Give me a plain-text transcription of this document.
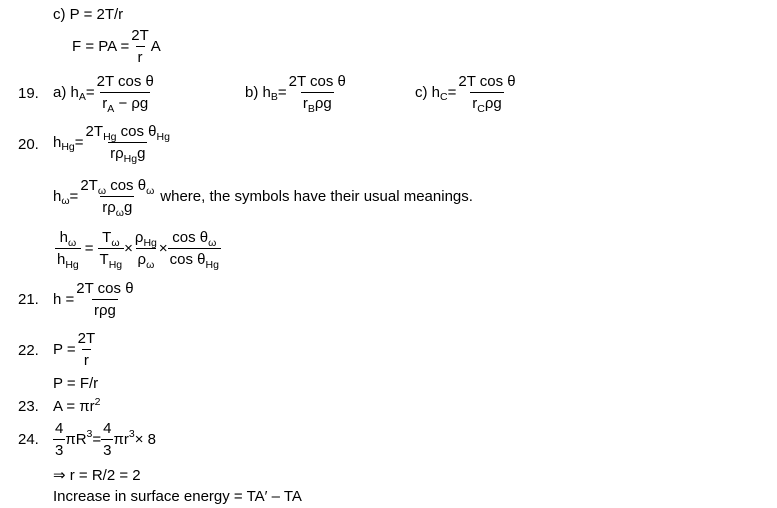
c) P = 2T/r
F = PA = $\frac{2T}{r}$ A
19. a) h $A = \frac{\text{2T cos θ}}{r_A - \rho g}$	b) h $B = \frac{\text{2T cos θ}}{r_B\rho g}$	c) h $C = \frac{\text{2T cos θ}}{r_C\rho g}$
20. h $Hg = \frac{2T_{Hg} \cos \theta_{Hg}}{r\rho_{Hg}g}$
h $\omega = \frac{2T_\omega \cos \theta_\omega}{r\rho_\omega g}$ where, the symbols have their usual meanings.
$\frac{h_\omega}{h_{Hg}} = \frac{T_\omega}{T_{Hg}} \times \frac{\rho_{Hg}}{\rho_\omega} \times \frac{\cos \theta_\omega}{\cos \theta_{Hg}}$
21. $h = \frac{\text{2T cos θ}}{\text{rρg}}$
22. $P = \frac{2T}{r}$
P = F/r
23. $A = \pi r^2$
24. $\frac{4}{3}$ πR $3 = \frac{4}{3}$ πr 3 × 8
⇒ r = R/2 = 2
Increase in surface energy = TA′ – TA
